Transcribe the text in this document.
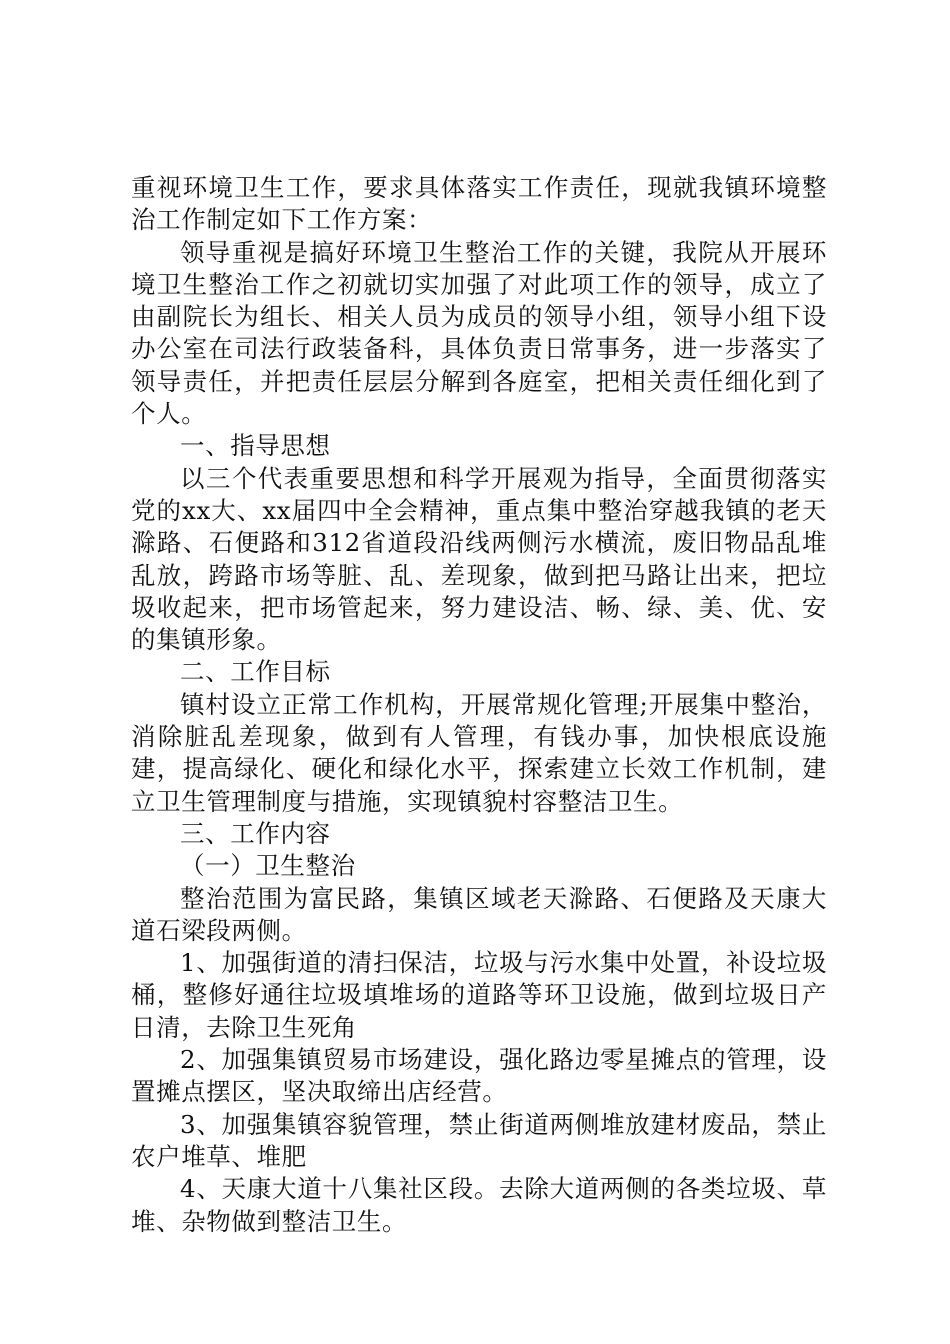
重视环境卫生工作，要求具体落实工作责任，现就我镇环境整治工作制定如下工作方案：

领导重视是搞好环境卫生整治工作的关键，我院从开展环境卫生整治工作之初就切实加强了对此项工作的领导，成立了由副院长为组长、相关人员为成员的领导小组，领导小组下设办公室在司法行政装备科，具体负责日常事务，进一步落实了领导责任，并把责任层层分解到各庭室，把相关责任细化到了个人。

一、指导思想

以三个代表重要思想和科学开展观为指导，全面贯彻落实党的xx大、xx届四中全会精神，重点集中整治穿越我镇的老天滁路、石便路和312省道段沿线两侧污水横流，废旧物品乱堆乱放，跨路市场等脏、乱、差现象，做到把马路让出来，把垃圾收起来，把市场管起来，努力建设洁、畅、绿、美、优、安的集镇形象。

二、工作目标

镇村设立正常工作机构，开展常规化管理;开展集中整治，消除脏乱差现象，做到有人管理，有钱办事，加快根底设施建，提高绿化、硬化和绿化水平，探索建立长效工作机制，建立卫生管理制度与措施，实现镇貌村容整洁卫生。

三、工作内容

（一）卫生整治

整治范围为富民路，集镇区域老天滁路、石便路及天康大道石梁段两侧。

1、加强街道的清扫保洁，垃圾与污水集中处置，补设垃圾桶，整修好通往垃圾填堆场的道路等环卫设施，做到垃圾日产日清，去除卫生死角

2、加强集镇贸易市场建设，强化路边零星摊点的管理，设置摊点摆区，坚决取缔出店经营。

3、加强集镇容貌管理，禁止街道两侧堆放建材废品，禁止农户堆草、堆肥

4、天康大道十八集社区段。去除大道两侧的各类垃圾、草堆、杂物做到整洁卫生。
